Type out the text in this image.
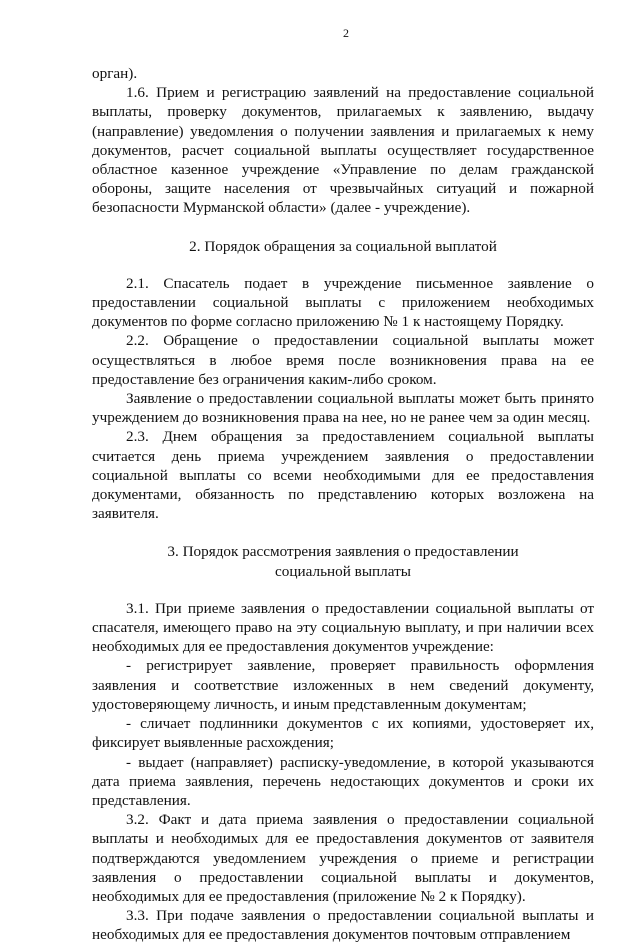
2

орган).

1.6. Прием и регистрацию заявлений на предоставление социальной выплаты, проверку документов, прилагаемых к заявлению, выдачу (направление) уведомления о получении заявления и прилагаемых к нему документов, расчет социальной выплаты осуществляет государственное областное казенное учреждение «Управление по делам гражданской обороны, защите населения от чрезвычайных ситуаций и пожарной безопасности Мурманской области» (далее - учреждение).

2. Порядок обращения за социальной выплатой

2.1. Спасатель подает в учреждение письменное заявление о предоставлении социальной выплаты с приложением необходимых документов по форме согласно приложению № 1 к настоящему Порядку.

2.2. Обращение о предоставлении социальной выплаты может осуществляться в любое время после возникновения права на ее предоставление без ограничения каким-либо сроком.

Заявление о предоставлении социальной выплаты может быть принято учреждением до возникновения права на нее, но не ранее чем за один месяц.

2.3. Днем обращения за предоставлением социальной выплаты считается день приема учреждением заявления о предоставлении социальной выплаты со всеми необходимыми для ее предоставления документами, обязанность по представлению которых возложена на заявителя.

3. Порядок рассмотрения заявления о предоставлении
социальной выплаты

3.1. При приеме заявления о предоставлении социальной выплаты от спасателя, имеющего право на эту социальную выплату, и при наличии всех необходимых для ее предоставления документов учреждение:

- регистрирует заявление, проверяет правильность оформления заявления и соответствие изложенных в нем сведений документу, удостоверяющему личность, и иным представленным документам;

- сличает подлинники документов с их копиями, удостоверяет их, фиксирует выявленные расхождения;

- выдает (направляет) расписку-уведомление, в которой указываются дата приема заявления, перечень недостающих документов и сроки их представления.

3.2. Факт и дата приема заявления о предоставлении социальной выплаты и необходимых для ее предоставления документов от заявителя подтверждаются уведомлением учреждения о приеме и регистрации заявления о предоставлении социальной выплаты и документов, необходимых для ее предоставления (приложение № 2 к Порядку).

3.3. При подаче заявления о предоставлении социальной выплаты и необходимых для ее предоставления документов почтовым отправлением
